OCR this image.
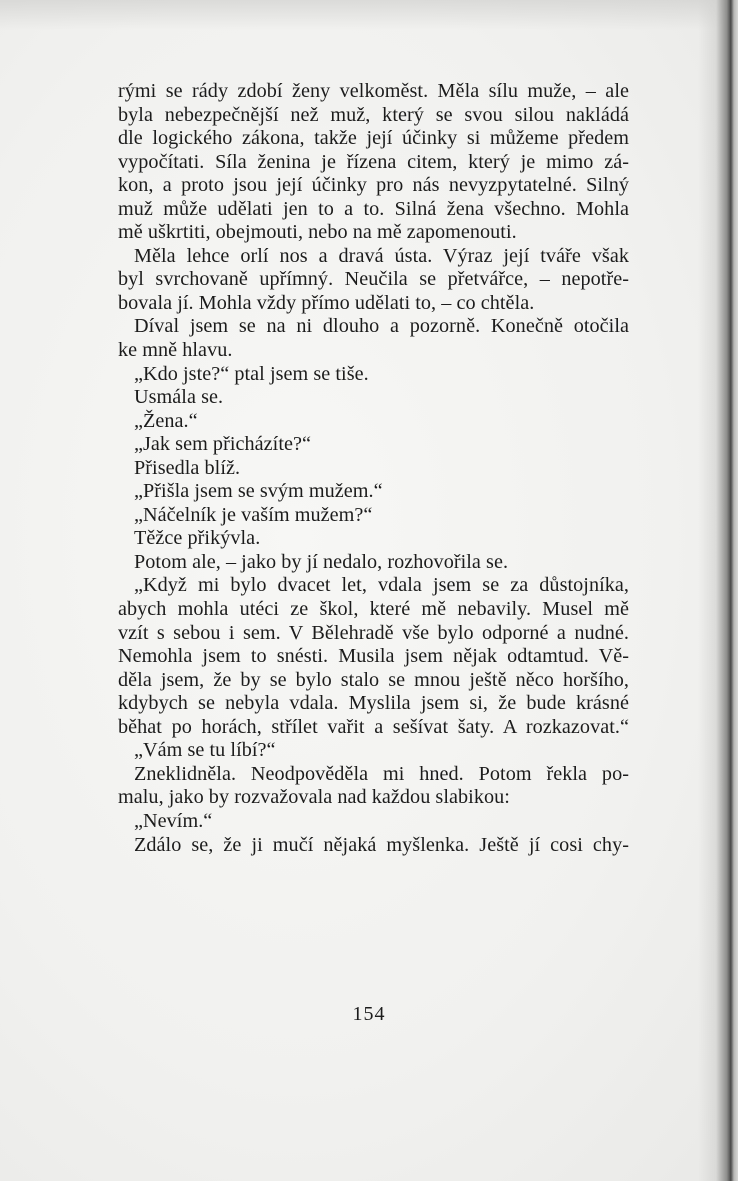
rými se rády zdobí ženy velkoměst. Měla sílu muže, – ale
byla nebezpečnější než muž, který se svou silou nakládá
dle logického zákona, takže její účinky si můžeme předem
vypočítati. Síla ženina je řízena citem, který je mimo zá-
kon, a proto jsou její účinky pro nás nevyzpytatelné. Silný
muž může udělati jen to a to. Silná žena všechno. Mohla
mě uškrtiti, obejmouti, nebo na mě zapomenouti.
Měla lehce orlí nos a dravá ústa. Výraz její tváře však
byl svrchovaně upřímný. Neučila se přetvářce, – nepotře-
bovala jí. Mohla vždy přímo udělati to, – co chtěla.
Díval jsem se na ni dlouho a pozorně. Konečně otočila
ke mně hlavu.
„Kdo jste?“ ptal jsem se tiše.
Usmála se.
„Žena.“
„Jak sem přicházíte?“
Přisedla blíž.
„Přišla jsem se svým mužem.“
„Náčelník je vaším mužem?“
Těžce přikývla.
Potom ale, – jako by jí nedalo, rozhovořila se.
„Když mi bylo dvacet let, vdala jsem se za důstojníka,
abych mohla utéci ze škol, které mě nebavily. Musel mě
vzít s sebou i sem. V Bělehradě vše bylo odporné a nudné.
Nemohla jsem to snésti. Musila jsem nějak odtamtud. Vě-
děla jsem, že by se bylo stalo se mnou ještě něco horšího,
kdybych se nebyla vdala. Myslila jsem si, že bude krásné
běhat po horách, střílet vařit a sešívat šaty. A rozkazovat.“
„Vám se tu líbí?“
Zneklidněla. Neodpověděla mi hned. Potom řekla po-
malu, jako by rozvažovala nad každou slabikou:
„Nevím.“
Zdálo se, že ji mučí nějaká myšlenka. Ještě jí cosi chy-
154
